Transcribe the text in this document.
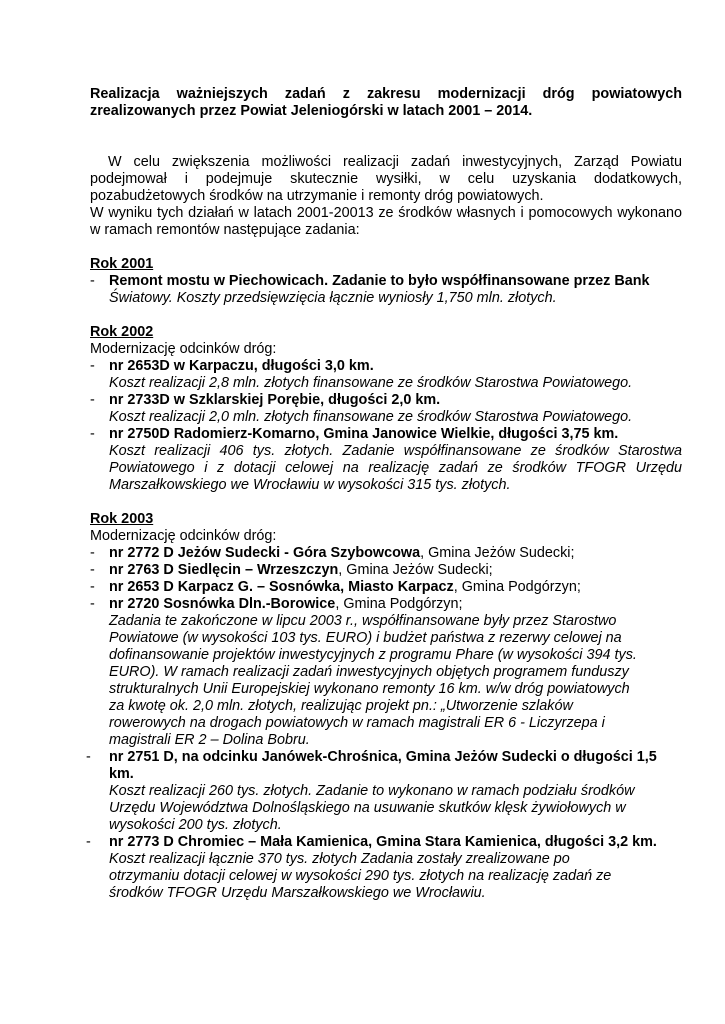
Realizacja ważniejszych zadań z zakresu modernizacji dróg powiatowych zrealizowanych przez Powiat Jeleniogórski w latach 2001 – 2014.

W celu zwiększenia możliwości realizacji zadań inwestycyjnych, Zarząd Powiatu podejmował i podejmuje skutecznie wysiłki, w celu uzyskania dodatkowych, pozabudżetowych środków na utrzymanie i remonty dróg powiatowych.

W wyniku tych działań w latach 2001-20013 ze środków własnych i pomocowych wykonano w ramach remontów następujące zadania:

Rok 2001
- Remont mostu w Piechowicach. Zadanie to było współfinansowane przez Bank
Światowy. Koszty przedsięwzięcia łącznie wyniosły 1,750 mln. złotych.
Rok 2002

Modernizację odcinków dróg:

- nr 2653D w Karpaczu, długości 3,0 km.
Koszt realizacji 2,8 mln. złotych finansowane ze środków Starostwa Powiatowego.
- nr 2733D w Szklarskiej Porębie, długości 2,0 km.
Koszt realizacji 2,0 mln. złotych finansowane ze środków Starostwa Powiatowego.
- nr 2750D Radomierz-Komarno, Gmina Janowice Wielkie, długości 3,75 km.
Koszt realizacji 406 tys. złotych. Zadanie współfinansowane ze środków Starostwa Powiatowego i z dotacji celowej na realizację zadań ze środków TFOGR Urzędu Marszałkowskiego we Wrocławiu w wysokości 315 tys. złotych.
Rok 2003

Modernizację odcinków dróg:

- nr 2772 D Jeżów Sudecki - Góra Szybowcowa, Gmina Jeżów Sudecki;
- nr 2763 D Siedlęcin – Wrzeszczyn, Gmina Jeżów Sudecki;
- nr 2653 D Karpacz G. – Sosnówka, Miasto Karpacz, Gmina Podgórzyn;
- nr 2720 Sosnówka Dln.-Borowice, Gmina Podgórzyn;

Zadania te zakończone w lipcu 2003 r., współfinansowane były przez Starostwo Powiatowe (w wysokości 103 tys. EURO) i budżet państwa z rezerwy celowej na dofinansowanie projektów inwestycyjnych z programu Phare (w wysokości 394 tys. EURO). W ramach realizacji zadań inwestycyjnych objętych programem funduszy strukturalnych Unii Europejskiej wykonano remonty 16 km. w/w dróg powiatowych za kwotę ok. 2,0 mln. złotych, realizując projekt pn.: „Utworzenie szlaków rowerowych na drogach powiatowych w ramach magistrali ER 6 - Liczyrzepa i magistrali ER 2 – Dolina Bobru.
- nr 2751 D, na odcinku Janówek-Chrośnica, Gmina Jeżów Sudecki o długości 1,5 km.

Koszt realizacji 260 tys. złotych. Zadanie to wykonano w ramach podziału środków Urzędu Województwa Dolnośląskiego na usuwanie skutków klęsk żywiołowych w wysokości 200 tys. złotych.
- nr 2773 D Chromiec – Mała Kamienica, Gmina Stara Kamienica, długości 3,2 km.

Koszt realizacji łącznie 370 tys. złotych Zadania zostały zrealizowane po otrzymaniu dotacji celowej w wysokości 290 tys. złotych na realizację zadań ze środków TFOGR Urzędu Marszałkowskiego we Wrocławiu.
